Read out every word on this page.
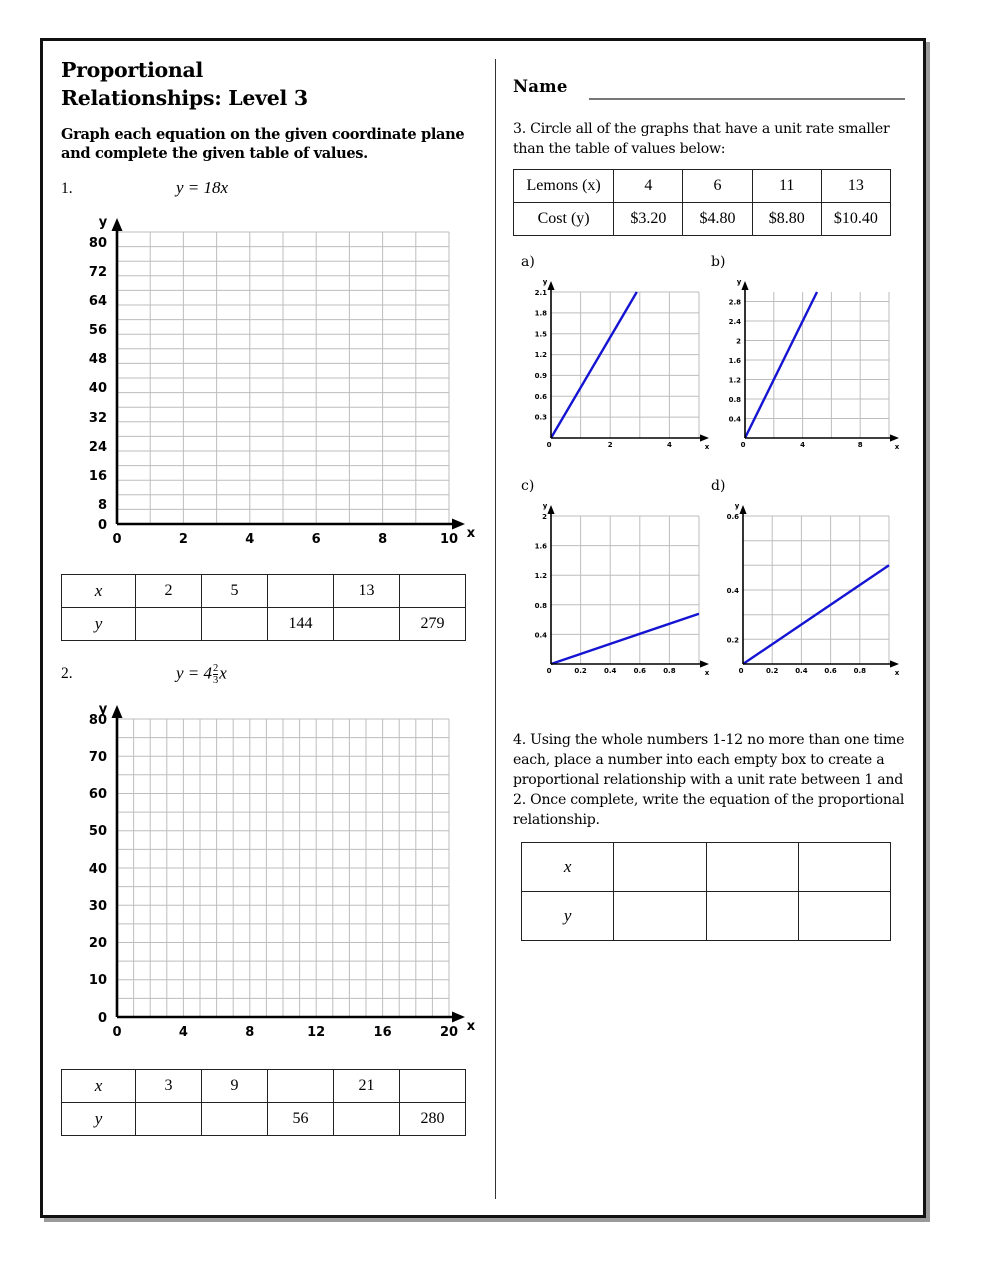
Proportional
Relationships: Level 3

Graph each equation on the given coordinate plane and complete the given table of values.

1.	y = 18x
y
x
0
8
16
24
32
40
48
56
64
72
80
0	2	4	6	8	10
x	2	5		13	
y			144		279
2.	$y = 4 \frac{2}{3}$ x
y
x
0
10
20
30
40
50
60
70
80
0	4	8	12	16	20
x	3	9		21	
y			56		280
Name

3. Circle all of the graphs that have a unit rate smaller than the table of values below:

Lemons (x)	4	6	11	13
Cost (y)	$3.20	$4.80	$8.80	$10.40
a)
y
x
2.1
1.8
1.5
1.2
0.9
0.6
0.3
0	2	4
b)
y
x
2.8
2.4
2
1.6
1.2
0.8
0.4
0	4	8
c)
y
x
2
1.6
1.2
0.8
0.4
0	0.2 0.4 0.6 0.8
d)
y
x
0.6
0.4
0.2
0	0.2 0.4 0.6 0.8

4. Using the whole numbers 1-12 no more than one time each, place a number into each empty box to create a proportional relationship with a unit rate between 1 and 2. Once complete, write the equation of the proportional relationship.

x			
y			
